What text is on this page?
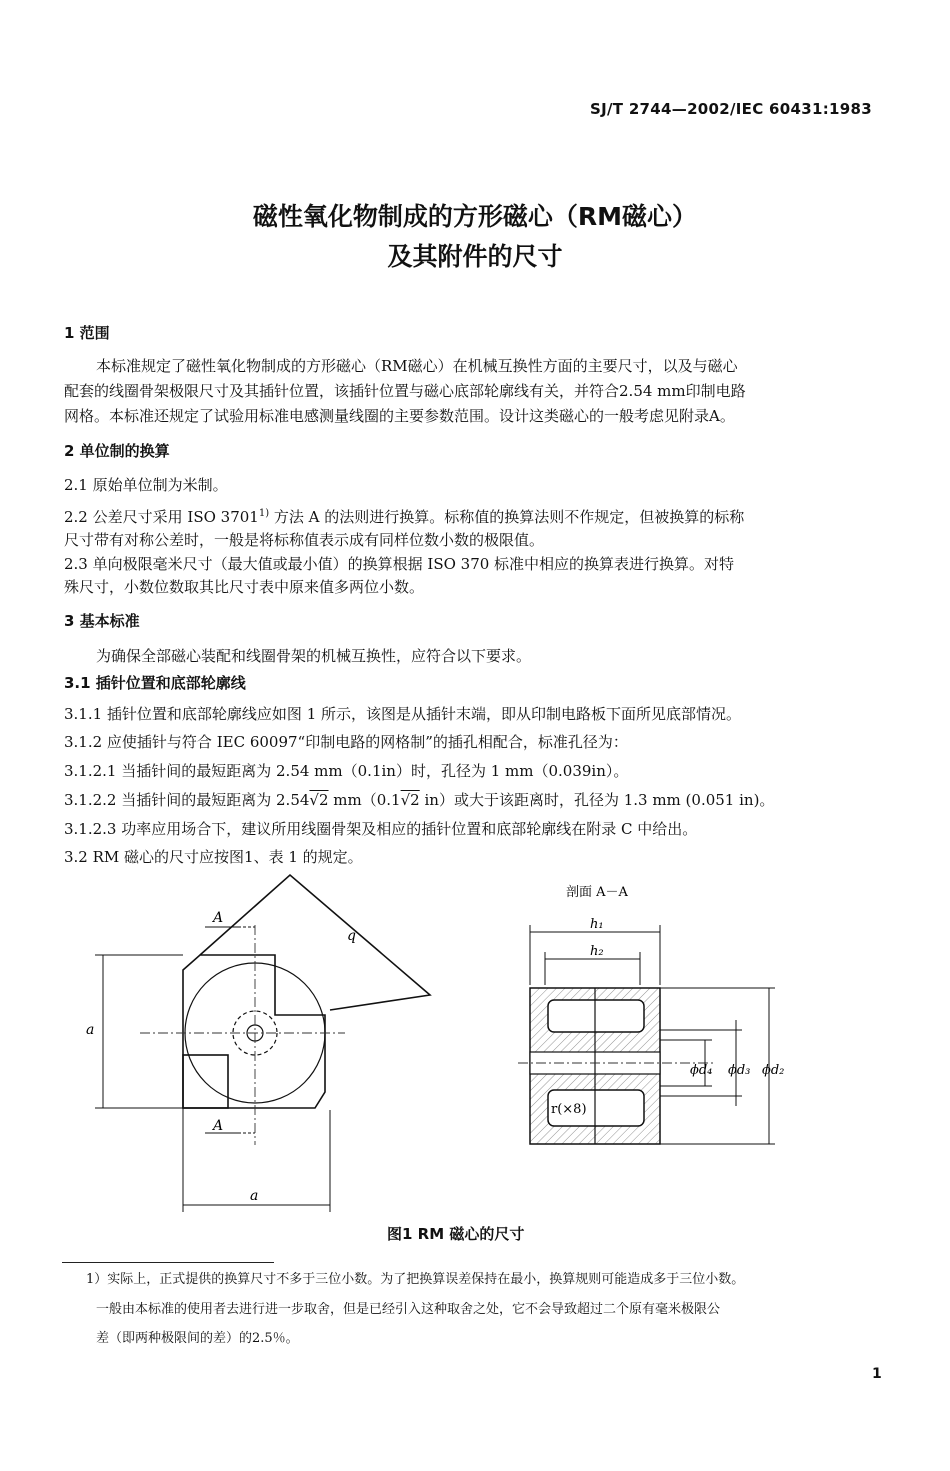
SJ/T 2744—2002/IEC 60431:1983
磁性氧化物制成的方形磁心（RM磁心）
及其附件的尺寸
1 范围
本标准规定了磁性氧化物制成的方形磁心（RM磁心）在机械互换性方面的主要尺寸，以及与磁心
配套的线圈骨架极限尺寸及其插针位置，该插针位置与磁心底部轮廓线有关，并符合2.54 mm印制电路
网格。本标准还规定了试验用标准电感测量线圈的主要参数范围。设计这类磁心的一般考虑见附录A。
2 单位制的换算
2.1 原始单位制为米制。
2.2 公差尺寸采用 ISO 3701$^{1)}$ 方法 A 的法则进行换算。标称值的换算法则不作规定，但被换算的标称
尺寸带有对称公差时，一般是将标称值表示成有同样位数小数的极限值。
2.3 单向极限毫米尺寸（最大值或最小值）的换算根据 ISO 370 标准中相应的换算表进行换算。对特
殊尺寸，小数位数取其比尺寸表中原来值多两位小数。
3 基本标准
为确保全部磁心装配和线圈骨架的机械互换性，应符合以下要求。
3.1 插针位置和底部轮廓线
3.1.1 插针位置和底部轮廓线应如图 1 所示，该图是从插针末端，即从印制电路板下面所见底部情况。
3.1.2 应使插针与符合 IEC 60097“印制电路的网格制”的插孔相配合，标准孔径为：
3.1.2.1 当插针间的最短距离为 2.54 mm（0.1in）时，孔径为 1 mm（0.039in）。
3.1.2.2 当插针间的最短距离为 2.54√2 mm（0.1√2 in）或大于该距离时，孔径为 1.3 mm (0.051 in)。
3.1.2.3 功率应用场合下，建议所用线圈骨架及相应的插针位置和底部轮廓线在附录 C 中给出。
3.2 RM 磁心的尺寸应按图1、表 1 的规定。
a
a
A
A
q
剖面 A－A
h₁
h₂
ϕd₄ ϕd₃ ϕd₂
r(×8)
图1 RM 磁心的尺寸
1）实际上，正式提供的换算尺寸不多于三位小数。为了把换算误差保持在最小，换算规则可能造成多于三位小数。
一般由本标准的使用者去进行进一步取舍，但是已经引入这种取舍之处，它不会导致超过二个原有毫米极限公
差（即两种极限间的差）的2.5％。
1
